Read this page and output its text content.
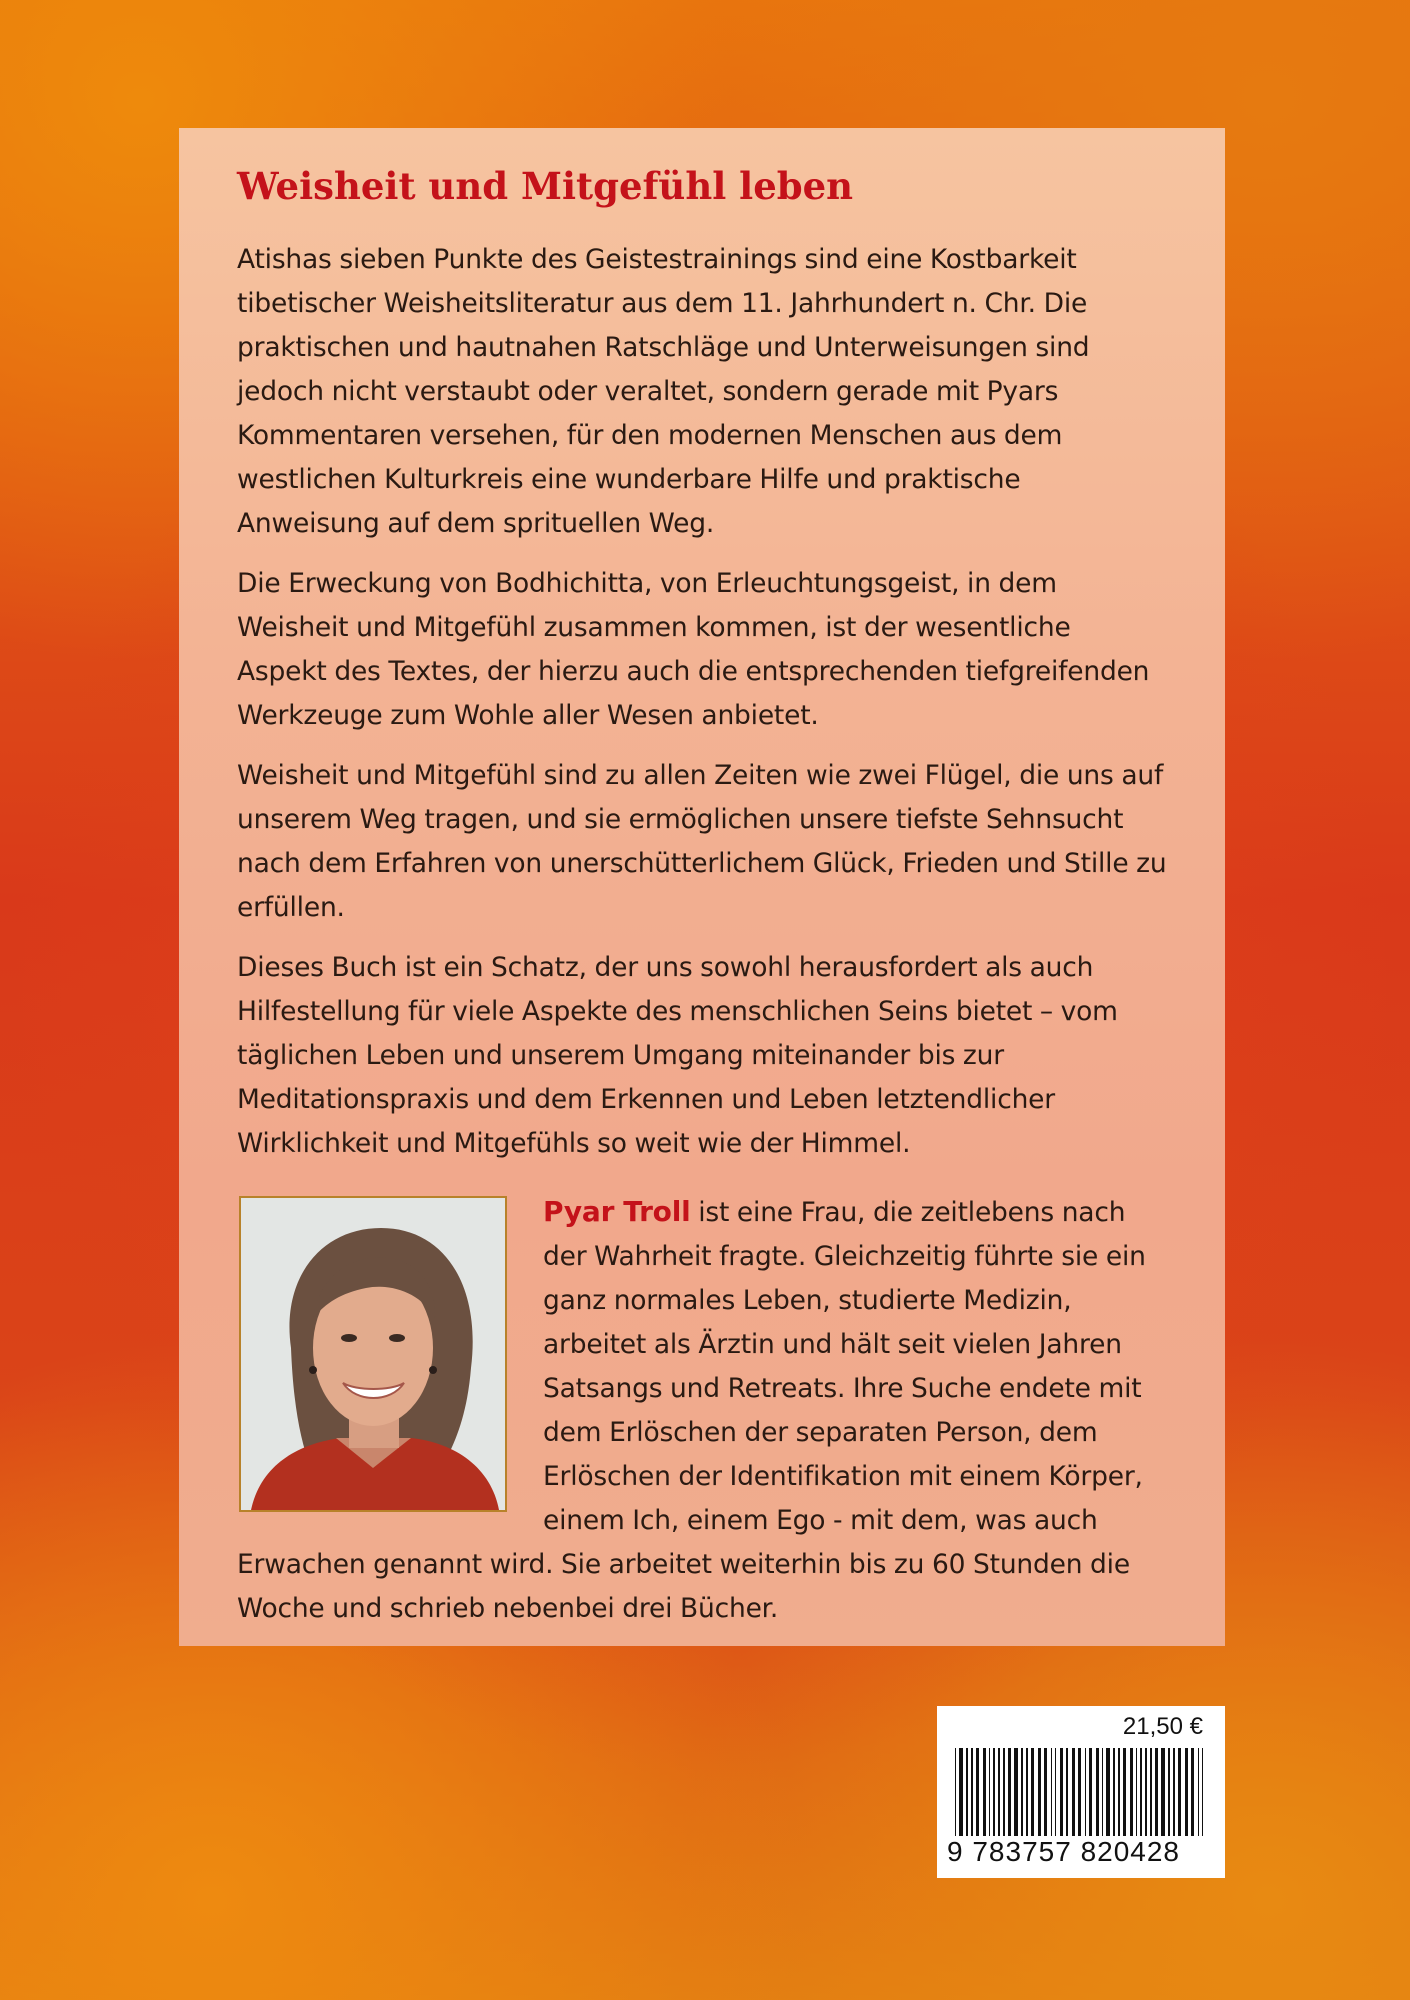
Weisheit und Mitgefühl leben

Atishas sieben Punkte des Geistestrainings sind eine Kostbarkeit tibetischer Weisheitsliteratur aus dem 11. Jahrhundert n. Chr. Die praktischen und hautnahen Ratschläge und Unterweisungen sind jedoch nicht verstaubt oder veraltet, sondern gerade mit Pyars Kommentaren versehen, für den modernen Menschen aus dem westlichen Kulturkreis eine wunderbare Hilfe und praktische Anweisung auf dem sprituellen Weg.

Die Erweckung von Bodhichitta, von Erleuchtungsgeist, in dem Weisheit und Mitgefühl zusammen kommen, ist der wesentliche Aspekt des Textes, der hierzu auch die entsprechenden tiefgreifenden Werkzeuge zum Wohle aller Wesen anbietet.

Weisheit und Mitgefühl sind zu allen Zeiten wie zwei Flügel, die uns auf unserem Weg tragen, und sie ermöglichen unsere tiefste Sehnsucht nach dem Erfahren von unerschütterlichem Glück, Frieden und Stille zu erfüllen.

Dieses Buch ist ein Schatz, der uns sowohl herausfordert als auch Hilfestellung für viele Aspekte des menschlichen Seins bietet – vom täglichen Leben und unserem Umgang miteinander bis zur Meditationspraxis und dem Erkennen und Leben letztendlicher Wirklichkeit und Mitgefühls so weit wie der Himmel.

Pyar Troll ist eine Frau, die zeitlebens nach der Wahrheit fragte. Gleichzeitig führte sie ein ganz normales Leben, studierte Medizin, arbeitet als Ärztin und hält seit vielen Jahren Satsangs und Retreats. Ihre Suche endete mit dem Erlöschen der separaten Person, dem Erlöschen der Identifikation mit einem Körper, einem Ich, einem Ego - mit dem, was auch Erwachen genannt wird. Sie arbeitet weiterhin bis zu 60 Stunden die Woche und schrieb nebenbei drei Bücher.

21,50 €
9 783757 820428
